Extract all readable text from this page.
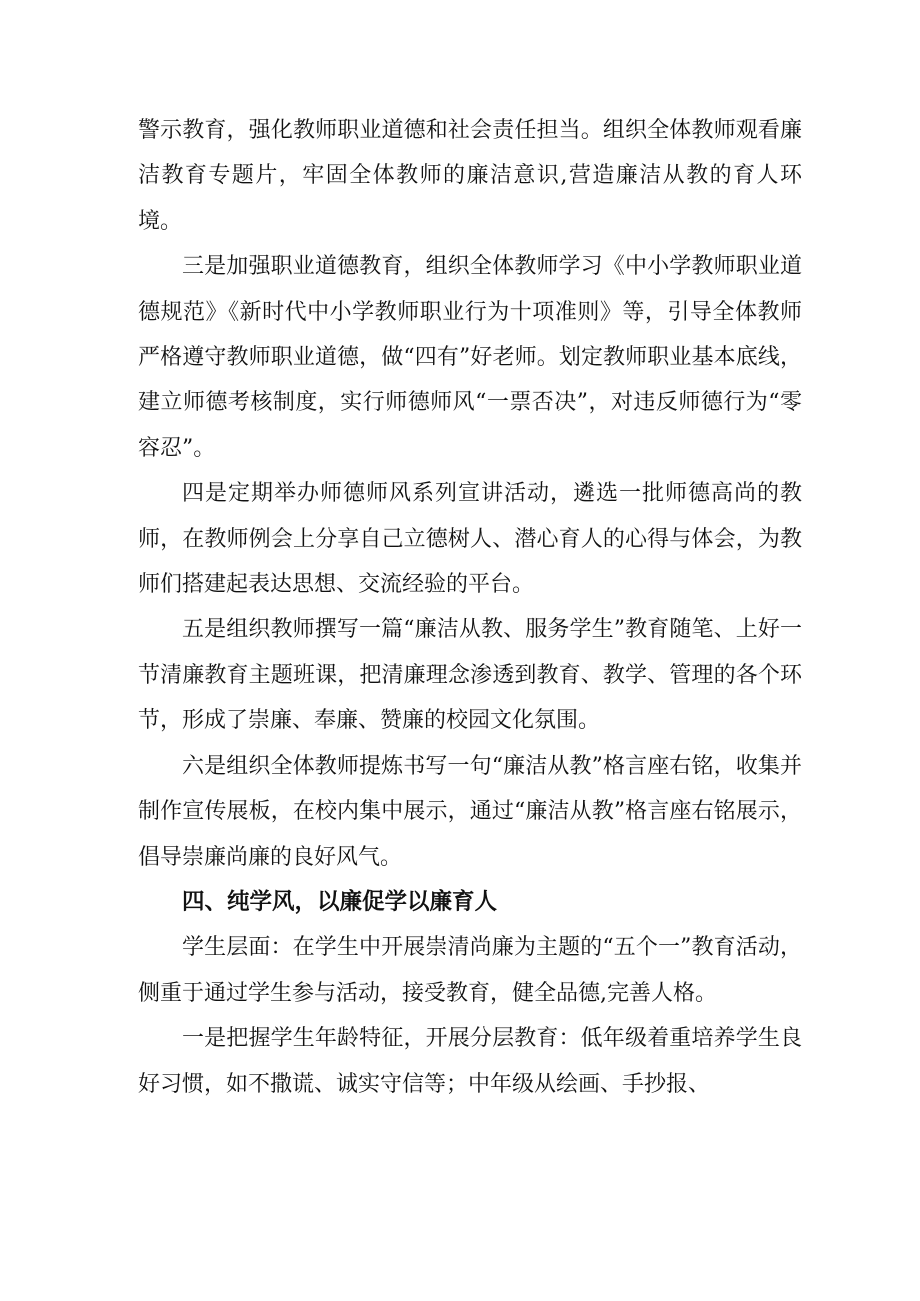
警示教育，强化教师职业道德和社会责任担当。组织全体教师观看廉洁教育专题片，牢固全体教师的廉洁意识,营造廉洁从教的育人环境。

三是加强职业道德教育，组织全体教师学习《中小学教师职业道德规范》《新时代中小学教师职业行为十项准则》等，引导全体教师严格遵守教师职业道德，做“四有”好老师。划定教师职业基本底线，建立师德考核制度，实行师德师风“一票否决”，对违反师德行为“零容忍”。

四是定期举办师德师风系列宣讲活动，遴选一批师德高尚的教师，在教师例会上分享自己立德树人、潜心育人的心得与体会，为教师们搭建起表达思想、交流经验的平台。

五是组织教师撰写一篇“廉洁从教、服务学生”教育随笔、上好一节清廉教育主题班课，把清廉理念渗透到教育、教学、管理的各个环节，形成了崇廉、奉廉、赞廉的校园文化氛围。

六是组织全体教师提炼书写一句“廉洁从教”格言座右铭，收集并制作宣传展板，在校内集中展示，通过“廉洁从教”格言座右铭展示，倡导崇廉尚廉的良好风气。

四、纯学风，以廉促学以廉育人

学生层面：在学生中开展崇清尚廉为主题的“五个一”教育活动，侧重于通过学生参与活动，接受教育，健全品德,完善人格。

一是把握学生年龄特征，开展分层教育：低年级着重培养学生良好习惯，如不撒谎、诚实守信等；中年级从绘画、手抄报、
